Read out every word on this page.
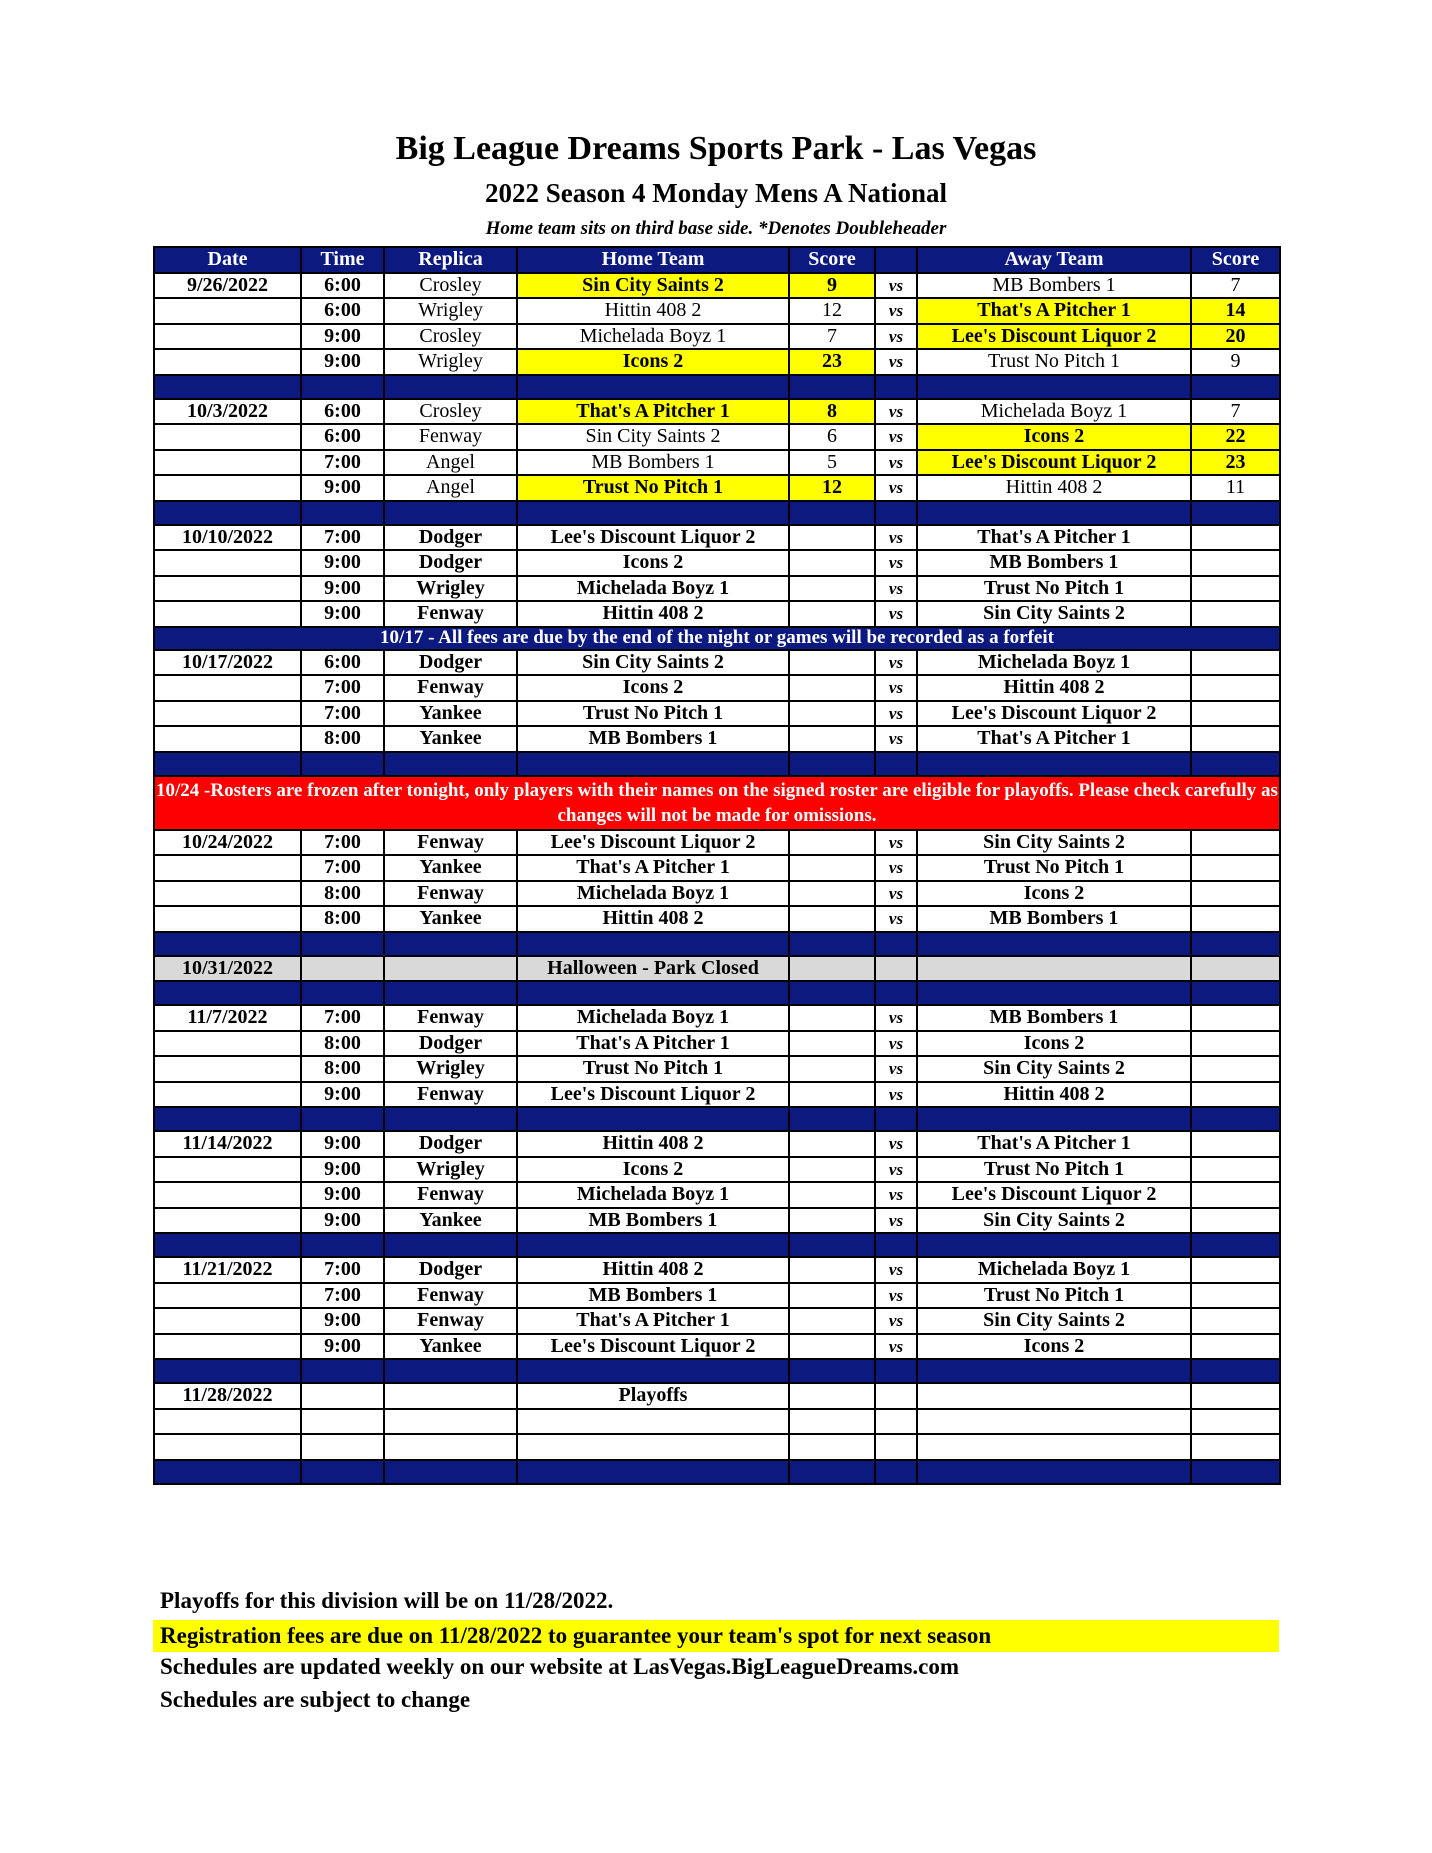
Big League Dreams Sports Park - Las Vegas
2022 Season 4 Monday Mens A National
Home team sits on third base side. *Denotes Doubleheader
Date	Time	Replica	Home Team	Score		Away Team	Score
9/26/2022	6:00	Crosley	Sin City Saints 2	9	vs	MB Bombers 1	7
	6:00	Wrigley	Hittin 408 2	12	vs	That's A Pitcher 1	14
	9:00	Crosley	Michelada Boyz 1	7	vs	Lee's Discount Liquor 2	20
	9:00	Wrigley	Icons 2	23	vs	Trust No Pitch 1	9

10/3/2022	6:00	Crosley	That's A Pitcher 1	8	vs	Michelada Boyz 1	7
	6:00	Fenway	Sin City Saints 2	6	vs	Icons 2	22
	7:00	Angel	MB Bombers 1	5	vs	Lee's Discount Liquor 2	23
	9:00	Angel	Trust No Pitch 1	12	vs	Hittin 408 2	11

10/10/2022	7:00	Dodger	Lee's Discount Liquor 2		vs	That's A Pitcher 1	
	9:00	Dodger	Icons 2		vs	MB Bombers 1	
	9:00	Wrigley	Michelada Boyz 1		vs	Trust No Pitch 1	
	9:00	Fenway	Hittin 408 2		vs	Sin City Saints 2	
10/17 - All fees are due by the end of the night or games will be recorded as a forfeit							
10/17/2022	6:00	Dodger	Sin City Saints 2		vs	Michelada Boyz 1	
	7:00	Fenway	Icons 2		vs	Hittin 408 2	
	7:00	Yankee	Trust No Pitch 1		vs	Lee's Discount Liquor 2	
	8:00	Yankee	MB Bombers 1		vs	That's A Pitcher 1	

10/24 -Rosters are frozen after tonight, only players with their names on the signed roster are eligible for playoffs. Please check carefully as changes will not be made for omissions.							
10/24/2022	7:00	Fenway	Lee's Discount Liquor 2		vs	Sin City Saints 2	
	7:00	Yankee	That's A Pitcher 1		vs	Trust No Pitch 1	
	8:00	Fenway	Michelada Boyz 1		vs	Icons 2	
	8:00	Yankee	Hittin 408 2		vs	MB Bombers 1	

10/31/2022			Halloween - Park Closed				

11/7/2022	7:00	Fenway	Michelada Boyz 1		vs	MB Bombers 1	
	8:00	Dodger	That's A Pitcher 1		vs	Icons 2	
	8:00	Wrigley	Trust No Pitch 1		vs	Sin City Saints 2	
	9:00	Fenway	Lee's Discount Liquor 2		vs	Hittin 408 2	

11/14/2022	9:00	Dodger	Hittin 408 2		vs	That's A Pitcher 1	
	9:00	Wrigley	Icons 2		vs	Trust No Pitch 1	
	9:00	Fenway	Michelada Boyz 1		vs	Lee's Discount Liquor 2	
	9:00	Yankee	MB Bombers 1		vs	Sin City Saints 2	

11/21/2022	7:00	Dodger	Hittin 408 2		vs	Michelada Boyz 1	
	7:00	Fenway	MB Bombers 1		vs	Trust No Pitch 1	
	9:00	Fenway	That's A Pitcher 1		vs	Sin City Saints 2	
	9:00	Yankee	Lee's Discount Liquor 2		vs	Icons 2	

11/28/2022			Playoffs				

Playoffs for this division will be on 11/28/2022.
Registration fees are due on 11/28/2022 to guarantee your team's spot for next season
Schedules are updated weekly on our website at LasVegas.BigLeagueDreams.com
Schedules are subject to change
